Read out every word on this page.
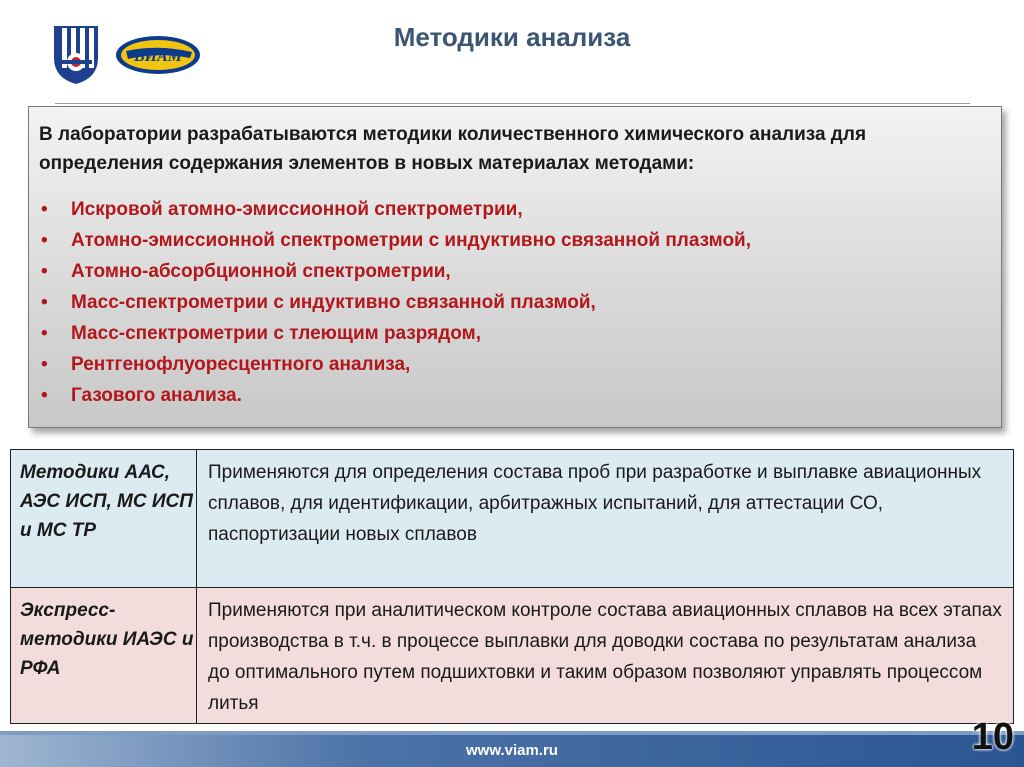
ВИАМ
Методики анализа

В лаборатории разрабатываются методики количественного химического анализа для определения содержания элементов в новых материалах методами:

• Искровой атомно-эмиссионной спектрометрии,
• Атомно-эмиссионной спектрометрии с индуктивно связанной плазмой,
• Атомно-абсорбционной спектрометрии,
• Масс-спектрометрии с индуктивно связанной плазмой,
• Масс-спектрометрии с тлеющим разрядом,
• Рентгенофлуоресцентного анализа,
• Газового анализа.
Методики ААС, АЭС ИСП, МС ИСП и МС ТР	Применяются для определения состава проб при разработке и выплавке авиационных сплавов, для идентификации, арбитражных испытаний, для аттестации СО, паспортизации новых сплавов
Экспресс-методики ИАЭС и РФА	Применяются при аналитическом контроле состава авиационных сплавов на всех этапах производства в т.ч. в процессе выплавки для доводки состава по результатам анализа до оптимального путем подшихтовки и таким образом позволяют управлять процессом литья
www.viam.ru	10
